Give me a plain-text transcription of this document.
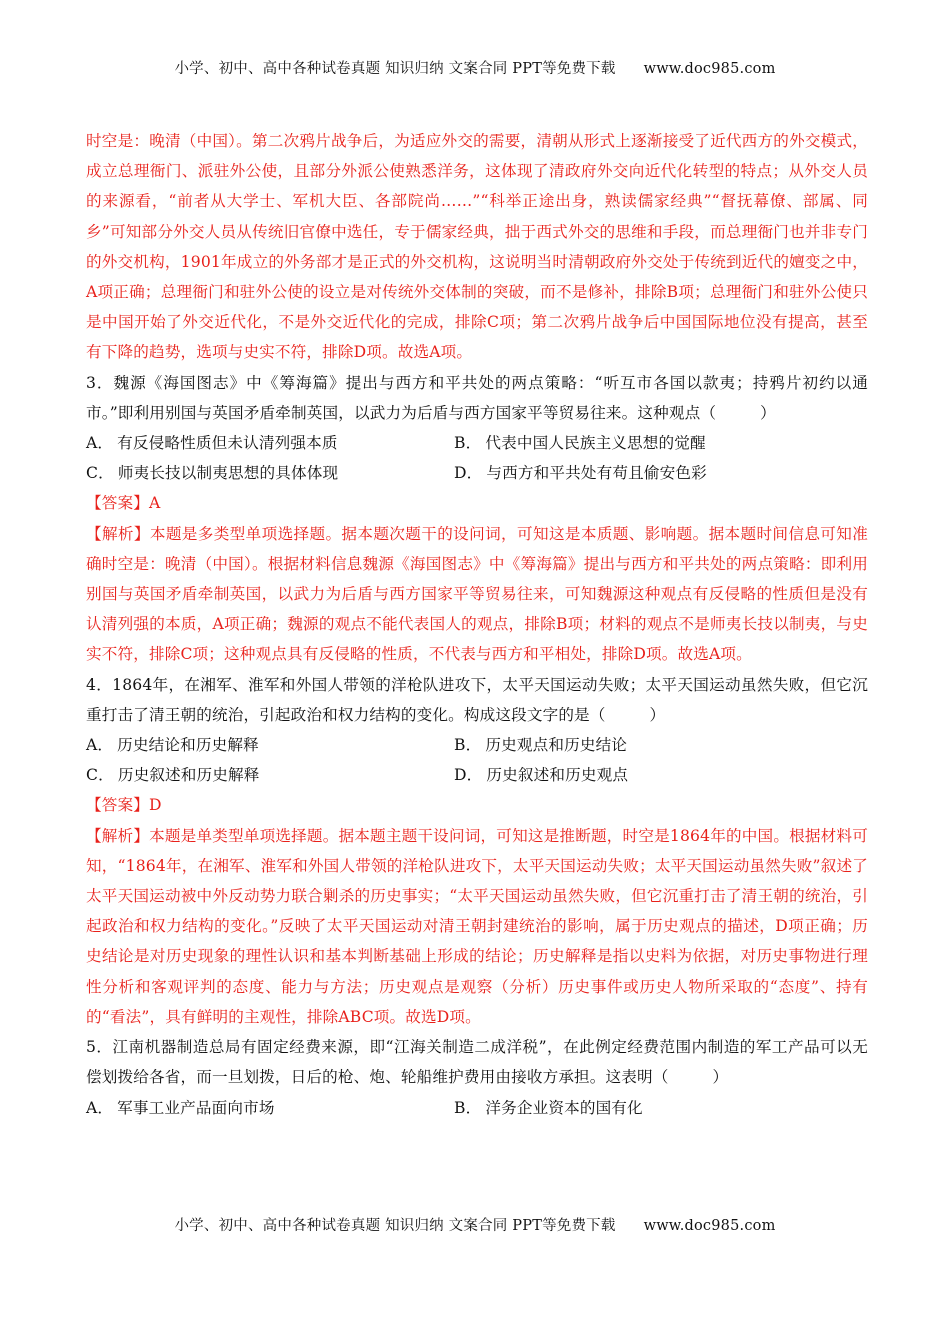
小学、初中、高中各种试卷真题 知识归纳 文案合同 PPT等免费下载 www.doc985.com

时空是：晚清（中国）。第二次鸦片战争后，为适应外交的需要，清朝从形式上逐渐接受了近代西方的外交模式，成立总理衙门、派驻外公使，且部分外派公使熟悉洋务，这体现了清政府外交向近代化转型的特点；从外交人员的来源看，“前者从大学士、军机大臣、各部院尚……”“科举正途出身，熟读儒家经典”“督抚幕僚、部属、同乡”可知部分外交人员从传统旧官僚中选任，专于儒家经典，拙于西式外交的思维和手段，而总理衙门也并非专门的外交机构，1901年成立的外务部才是正式的外交机构，这说明当时清朝政府外交处于传统到近代的嬗变之中，A项正确；总理衙门和驻外公使的设立是对传统外交体制的突破，而不是修补，排除B项；总理衙门和驻外公使只是中国开始了外交近代化，不是外交近代化的完成，排除C项；第二次鸦片战争后中国国际地位没有提高，甚至有下降的趋势，选项与史实不符，排除D项。故选A项。

3．魏源《海国图志》中《筹海篇》提出与西方和平共处的两点策略：“听互市各国以款夷；持鸦片初约以通市。”即利用别国与英国矛盾牵制英国，以武力为后盾与西方国家平等贸易往来。这种观点（	）

A． 有反侵略性质但未认清列强本质	B． 代表中国人民族主义思想的觉醒
C． 师夷长技以制夷思想的具体体现	D． 与西方和平共处有苟且偷安色彩

【答案】A

【解析】本题是多类型单项选择题。据本题次题干的设问词，可知这是本质题、影响题。据本题时间信息可知准确时空是：晚清（中国）。根据材料信息魏源《海国图志》中《筹海篇》提出与西方和平共处的两点策略：即利用别国与英国矛盾牵制英国，以武力为后盾与西方国家平等贸易往来，可知魏源这种观点有反侵略的性质但是没有认清列强的本质，A项正确；魏源的观点不能代表国人的观点，排除B项；材料的观点不是师夷长技以制夷，与史实不符，排除C项；这种观点具有反侵略的性质，不代表与西方和平相处，排除D项。故选A项。

4．1864年，在湘军、淮军和外国人带领的洋枪队进攻下，太平天国运动失败；太平天国运动虽然失败，但它沉重打击了清王朝的统治，引起政治和权力结构的变化。构成这段文字的是（	）

A． 历史结论和历史解释	B． 历史观点和历史结论
C． 历史叙述和历史解释	D． 历史叙述和历史观点

【答案】D

【解析】本题是单类型单项选择题。据本题主题干设问词，可知这是推断题，时空是1864年的中国。根据材料可知，“1864年，在湘军、淮军和外国人带领的洋枪队进攻下，太平天国运动失败；太平天国运动虽然失败”叙述了太平天国运动被中外反动势力联合剿杀的历史事实；“太平天国运动虽然失败，但它沉重打击了清王朝的统治，引起政治和权力结构的变化。”反映了太平天国运动对清王朝封建统治的影响，属于历史观点的描述，D项正确；历史结论是对历史现象的理性认识和基本判断基础上形成的结论；历史解释是指以史料为依据，对历史事物进行理性分析和客观评判的态度、能力与方法；历史观点是观察（分析）历史事件或历史人物所采取的“态度”、持有的“看法”，具有鲜明的主观性，排除ABC项。故选D项。

5．江南机器制造总局有固定经费来源，即“江海关制造二成洋税”，在此例定经费范围内制造的军工产品可以无偿划拨给各省，而一旦划拨，日后的枪、炮、轮船维护费用由接收方承担。这表明（	）

A． 军事工业产品面向市场	B． 洋务企业资本的国有化
小学、初中、高中各种试卷真题 知识归纳 文案合同 PPT等免费下载 www.doc985.com
